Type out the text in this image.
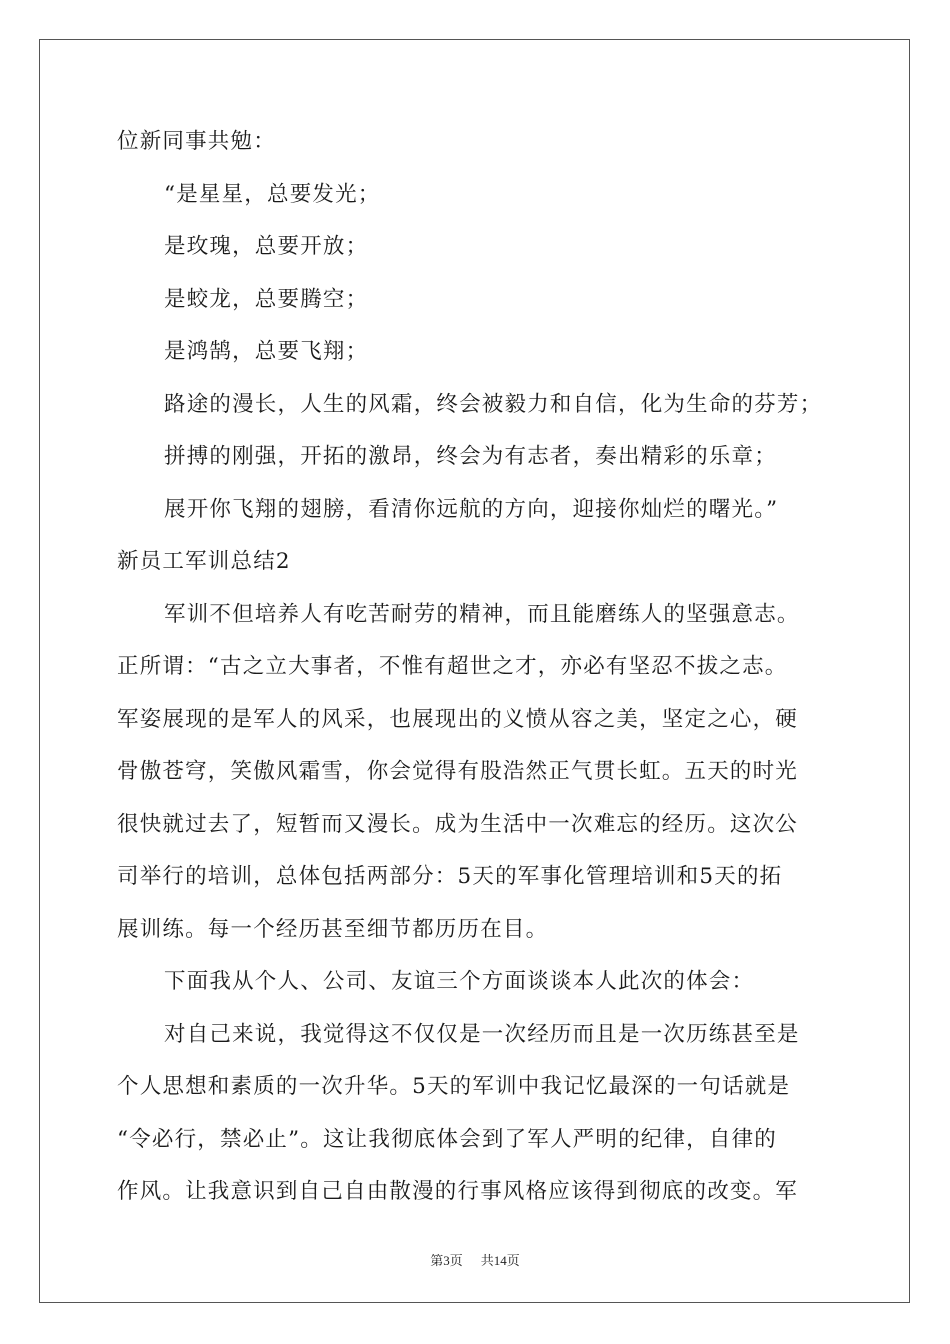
位新同事共勉：
“是星星，总要发光；
是玫瑰，总要开放；
是蛟龙，总要腾空；
是鸿鹄，总要飞翔；
路途的漫长，人生的风霜，终会被毅力和自信，化为生命的芬芳；
拼搏的刚强，开拓的激昂，终会为有志者，奏出精彩的乐章；
展开你飞翔的翅膀，看清你远航的方向，迎接你灿烂的曙光。”
新员工军训总结2
军训不但培养人有吃苦耐劳的精神，而且能磨练人的坚强意志。
正所谓：“古之立大事者，不惟有超世之才，亦必有坚忍不拔之志。
军姿展现的是军人的风采，也展现出的义愤从容之美，坚定之心，硬
骨傲苍穹，笑傲风霜雪，你会觉得有股浩然正气贯长虹。五天的时光
很快就过去了，短暂而又漫长。成为生活中一次难忘的经历。这次公
司举行的培训，总体包括两部分：5天的军事化管理培训和5天的拓
展训练。每一个经历甚至细节都历历在目。
下面我从个人、公司、友谊三个方面谈谈本人此次的体会：
对自己来说，我觉得这不仅仅是一次经历而且是一次历练甚至是
个人思想和素质的一次升华。5天的军训中我记忆最深的一句话就是
“令必行，禁必止”。这让我彻底体会到了军人严明的纪律，自律的
作风。让我意识到自己自由散漫的行事风格应该得到彻底的改变。军
第3页 共14页
